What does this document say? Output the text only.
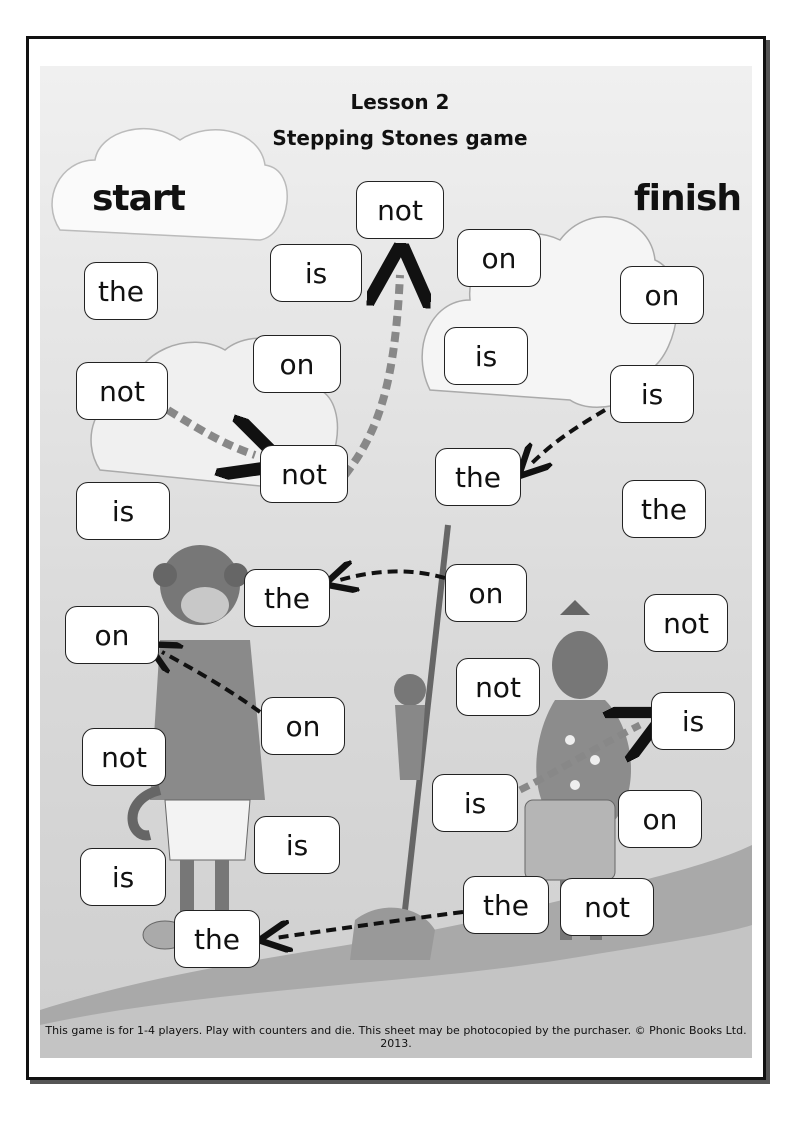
Lesson 2
Stepping Stones game
start	finish
not
is	on
the	on
not
on	is
is
is
not	the
the
the	on
not
on
not
is
on
not
is	on
is
is
the	not
the
This game is for 1-4 players. Play with counters and die. This sheet may be photocopied by the purchaser. © Phonic Books Ltd. 2013.
